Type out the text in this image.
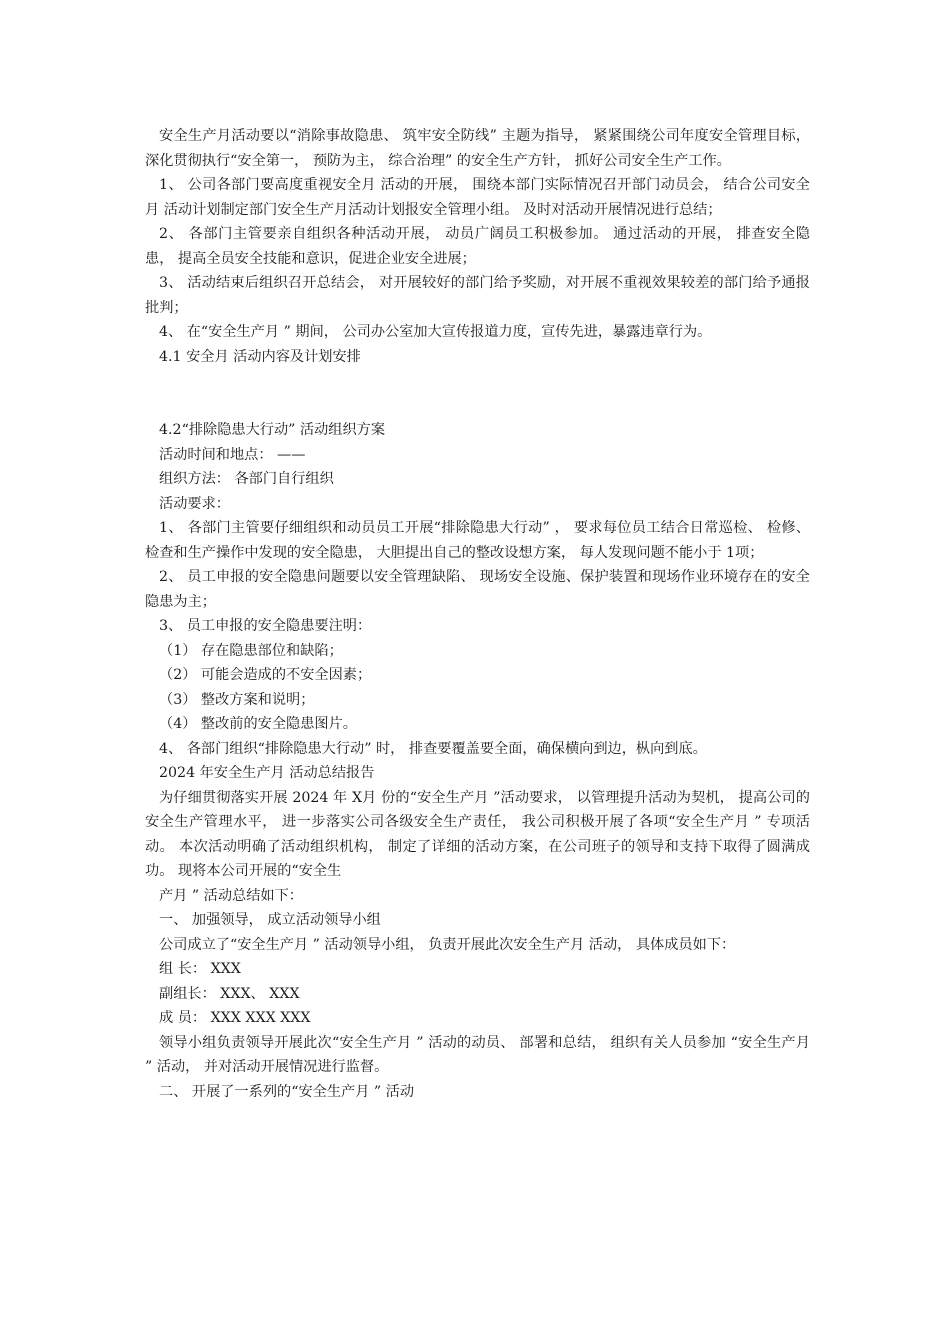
安全生产月活动要以“消除事故隐患、 筑牢安全防线” 主题为指导， 紧紧围绕公司年度安全管理目标， 深化贯彻执行“安全第一， 预防为主， 综合治理” 的安全生产方针， 抓好公司安全生产工作。

1、 公司各部门要高度重视安全月 活动的开展， 围绕本部门实际情况召开部门动员会， 结合公司安全月 活动计划制定部门安全生产月活动计划报安全管理小组。 及时对活动开展情况进行总结；

2、 各部门主管要亲自组织各种活动开展， 动员广阔员工积极参加。 通过活动的开展， 排查安全隐患， 提高全员安全技能和意识，促进企业安全进展；

3、 活动结束后组织召开总结会， 对开展较好的部门给予奖励，对开展不重视效果较差的部门给予通报批判；

4、 在“安全生产月 ” 期间， 公司办公室加大宣传报道力度，宣传先进，暴露违章行为。

4.1 安全月 活动内容及计划安排

4.2“排除隐患大行动” 活动组织方案

活动时间和地点： ——

组织方法： 各部门自行组织

活动要求：

1、 各部门主管要仔细组织和动员员工开展“排除隐患大行动” ， 要求每位员工结合日常巡检、 检修、 检查和生产操作中发现的安全隐患， 大胆提出自己的整改设想方案， 每人发现问题不能小于 1项；

2、 员工申报的安全隐患问题要以安全管理缺陷、 现场安全设施、保护装置和现场作业环境存在的安全隐患为主；

3、 员工申报的安全隐患要注明：

（1） 存在隐患部位和缺陷；

（2） 可能会造成的不安全因素；

（3） 整改方案和说明；

（4） 整改前的安全隐患图片。

4、 各部门组织“排除隐患大行动” 时， 排查要覆盖要全面，确保横向到边，枞向到底。

2024 年安全生产月 活动总结报告

为仔细贯彻落实开展 2024 年 X月 份的“安全生产月 ”活动要求， 以管理提升活动为契机， 提高公司的安全生产管理水平， 进一步落实公司各级安全生产责任， 我公司积极开展了各项“安全生产月 ” 专项活动。 本次活动明确了活动组织机构， 制定了详细的活动方案，在公司班子的领导和支持下取得了圆满成功。 现将本公司开展的“安全生

产月 ” 活动总结如下：

一、 加强领导， 成立活动领导小组

公司成立了“安全生产月 ” 活动领导小组， 负责开展此次安全生产月 活动， 具体成员如下：

组 长： XXX

副组长： XXX、 XXX

成 员： XXX XXX XXX

领导小组负责领导开展此次“安全生产月 ” 活动的动员、 部署和总结， 组织有关人员参加 “安全生产月 ” 活动， 并对活动开展情况进行监督。

二、 开展了一系列的“安全生产月 ” 活动
